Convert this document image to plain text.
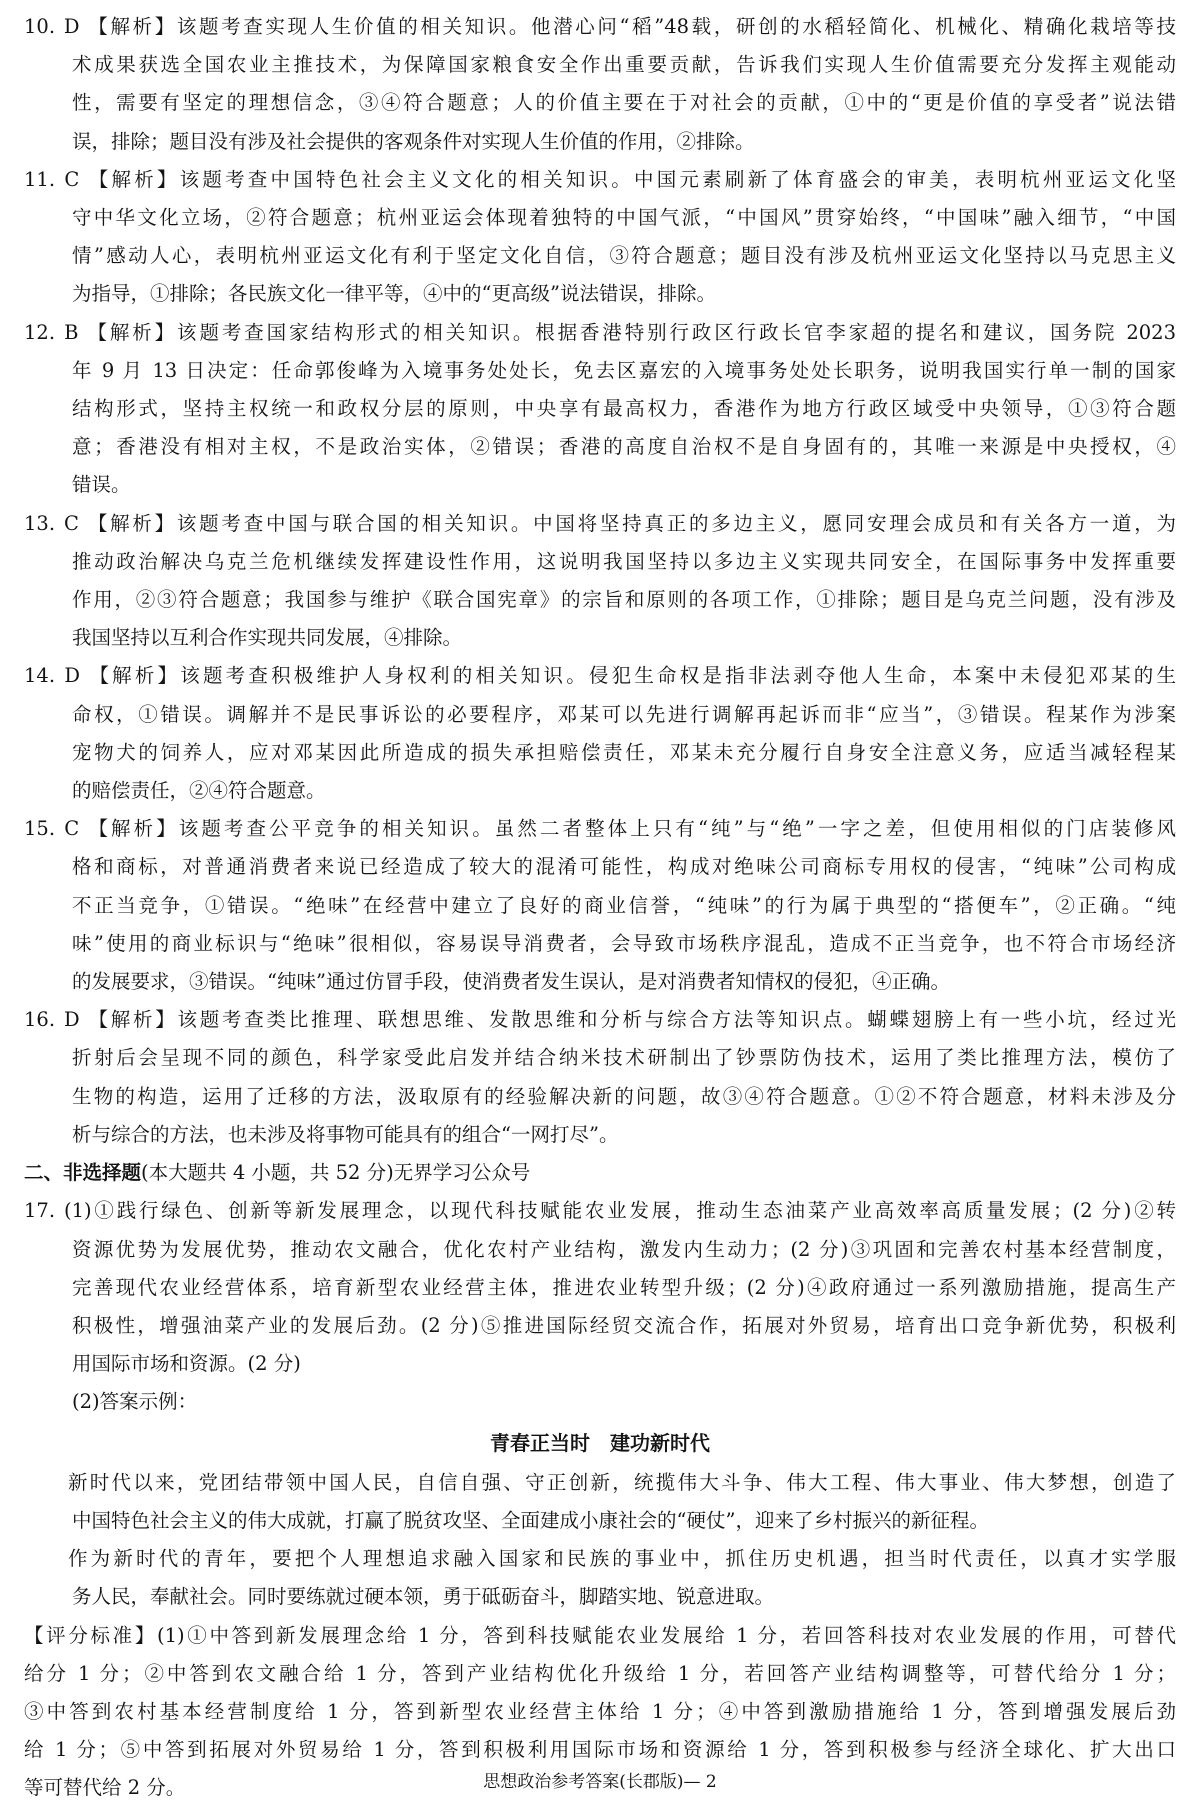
10. D 【解析】该题考查实现人生价值的相关知识。他潜心问“稻”48载，研创的水稻轻简化、机械化、精确化栽培等技
术成果获选全国农业主推技术，为保障国家粮食安全作出重要贡献，告诉我们实现人生价值需要充分发挥主观能动
性，需要有坚定的理想信念，③④符合题意；人的价值主要在于对社会的贡献，①中的“更是价值的享受者”说法错
误，排除；题目没有涉及社会提供的客观条件对实现人生价值的作用，②排除。
11. C 【解析】该题考查中国特色社会主义文化的相关知识。中国元素刷新了体育盛会的审美，表明杭州亚运文化坚
守中华文化立场，②符合题意；杭州亚运会体现着独特的中国气派，“中国风”贯穿始终，“中国味”融入细节，“中国
情”感动人心，表明杭州亚运文化有利于坚定文化自信，③符合题意；题目没有涉及杭州亚运文化坚持以马克思主义
为指导，①排除；各民族文化一律平等，④中的“更高级”说法错误，排除。
12. B 【解析】该题考查国家结构形式的相关知识。根据香港特别行政区行政长官李家超的提名和建议，国务院 2023
年 9 月 13 日决定：任命郭俊峰为入境事务处处长，免去区嘉宏的入境事务处处长职务，说明我国实行单一制的国家
结构形式，坚持主权统一和政权分层的原则，中央享有最高权力，香港作为地方行政区域受中央领导，①③符合题
意；香港没有相对主权，不是政治实体，②错误；香港的高度自治权不是自身固有的，其唯一来源是中央授权，④
错误。
13. C 【解析】该题考查中国与联合国的相关知识。中国将坚持真正的多边主义，愿同安理会成员和有关各方一道，为
推动政治解决乌克兰危机继续发挥建设性作用，这说明我国坚持以多边主义实现共同安全，在国际事务中发挥重要
作用，②③符合题意；我国参与维护《联合国宪章》的宗旨和原则的各项工作，①排除；题目是乌克兰问题，没有涉及
我国坚持以互利合作实现共同发展，④排除。
14. D 【解析】该题考查积极维护人身权利的相关知识。侵犯生命权是指非法剥夺他人生命，本案中未侵犯邓某的生
命权，①错误。调解并不是民事诉讼的必要程序，邓某可以先进行调解再起诉而非“应当”，③错误。程某作为涉案
宠物犬的饲养人，应对邓某因此所造成的损失承担赔偿责任，邓某未充分履行自身安全注意义务，应适当减轻程某
的赔偿责任，②④符合题意。
15. C 【解析】该题考查公平竞争的相关知识。虽然二者整体上只有“纯”与“绝”一字之差，但使用相似的门店装修风
格和商标，对普通消费者来说已经造成了较大的混淆可能性，构成对绝味公司商标专用权的侵害，“纯味”公司构成
不正当竞争，①错误。“绝味”在经营中建立了良好的商业信誉，“纯味”的行为属于典型的“搭便车”，②正确。“纯
味”使用的商业标识与“绝味”很相似，容易误导消费者，会导致市场秩序混乱，造成不正当竞争，也不符合市场经济
的发展要求，③错误。“纯味”通过仿冒手段，使消费者发生误认，是对消费者知情权的侵犯，④正确。
16. D 【解析】该题考查类比推理、联想思维、发散思维和分析与综合方法等知识点。蝴蝶翅膀上有一些小坑，经过光
折射后会呈现不同的颜色，科学家受此启发并结合纳米技术研制出了钞票防伪技术，运用了类比推理方法，模仿了
生物的构造，运用了迁移的方法，汲取原有的经验解决新的问题，故③④符合题意。①②不符合题意，材料未涉及分
析与综合的方法，也未涉及将事物可能具有的组合“一网打尽”。
二、非选择题(本大题共 4 小题，共 52 分)无界学习公众号
17. (1)①践行绿色、创新等新发展理念，以现代科技赋能农业发展，推动生态油菜产业高效率高质量发展；(2 分)②转
资源优势为发展优势，推动农文融合，优化农村产业结构，激发内生动力；(2 分)③巩固和完善农村基本经营制度，
完善现代农业经营体系，培育新型农业经营主体，推进农业转型升级；(2 分)④政府通过一系列激励措施，提高生产
积极性，增强油菜产业的发展后劲。(2 分)⑤推进国际经贸交流合作，拓展对外贸易，培育出口竞争新优势，积极利
用国际市场和资源。(2 分)
(2)答案示例：
青春正当时　建功新时代
新时代以来，党团结带领中国人民，自信自强、守正创新，统揽伟大斗争、伟大工程、伟大事业、伟大梦想，创造了
中国特色社会主义的伟大成就，打赢了脱贫攻坚、全面建成小康社会的“硬仗”，迎来了乡村振兴的新征程。
作为新时代的青年，要把个人理想追求融入国家和民族的事业中，抓住历史机遇，担当时代责任，以真才实学服
务人民，奉献社会。同时要练就过硬本领，勇于砥砺奋斗，脚踏实地、锐意进取。
【评分标准】(1)①中答到新发展理念给 1 分，答到科技赋能农业发展给 1 分，若回答科技对农业发展的作用，可替代
给分 1 分；②中答到农文融合给 1 分，答到产业结构优化升级给 1 分，若回答产业结构调整等，可替代给分 1 分；
③中答到农村基本经营制度给 1 分，答到新型农业经营主体给 1 分；④中答到激励措施给 1 分，答到增强发展后劲
给 1 分；⑤中答到拓展对外贸易给 1 分，答到积极利用国际市场和资源给 1 分，答到积极参与经济全球化、扩大出口
等可替代给 2 分。	思想政治参考答案(长郡版)— 2
